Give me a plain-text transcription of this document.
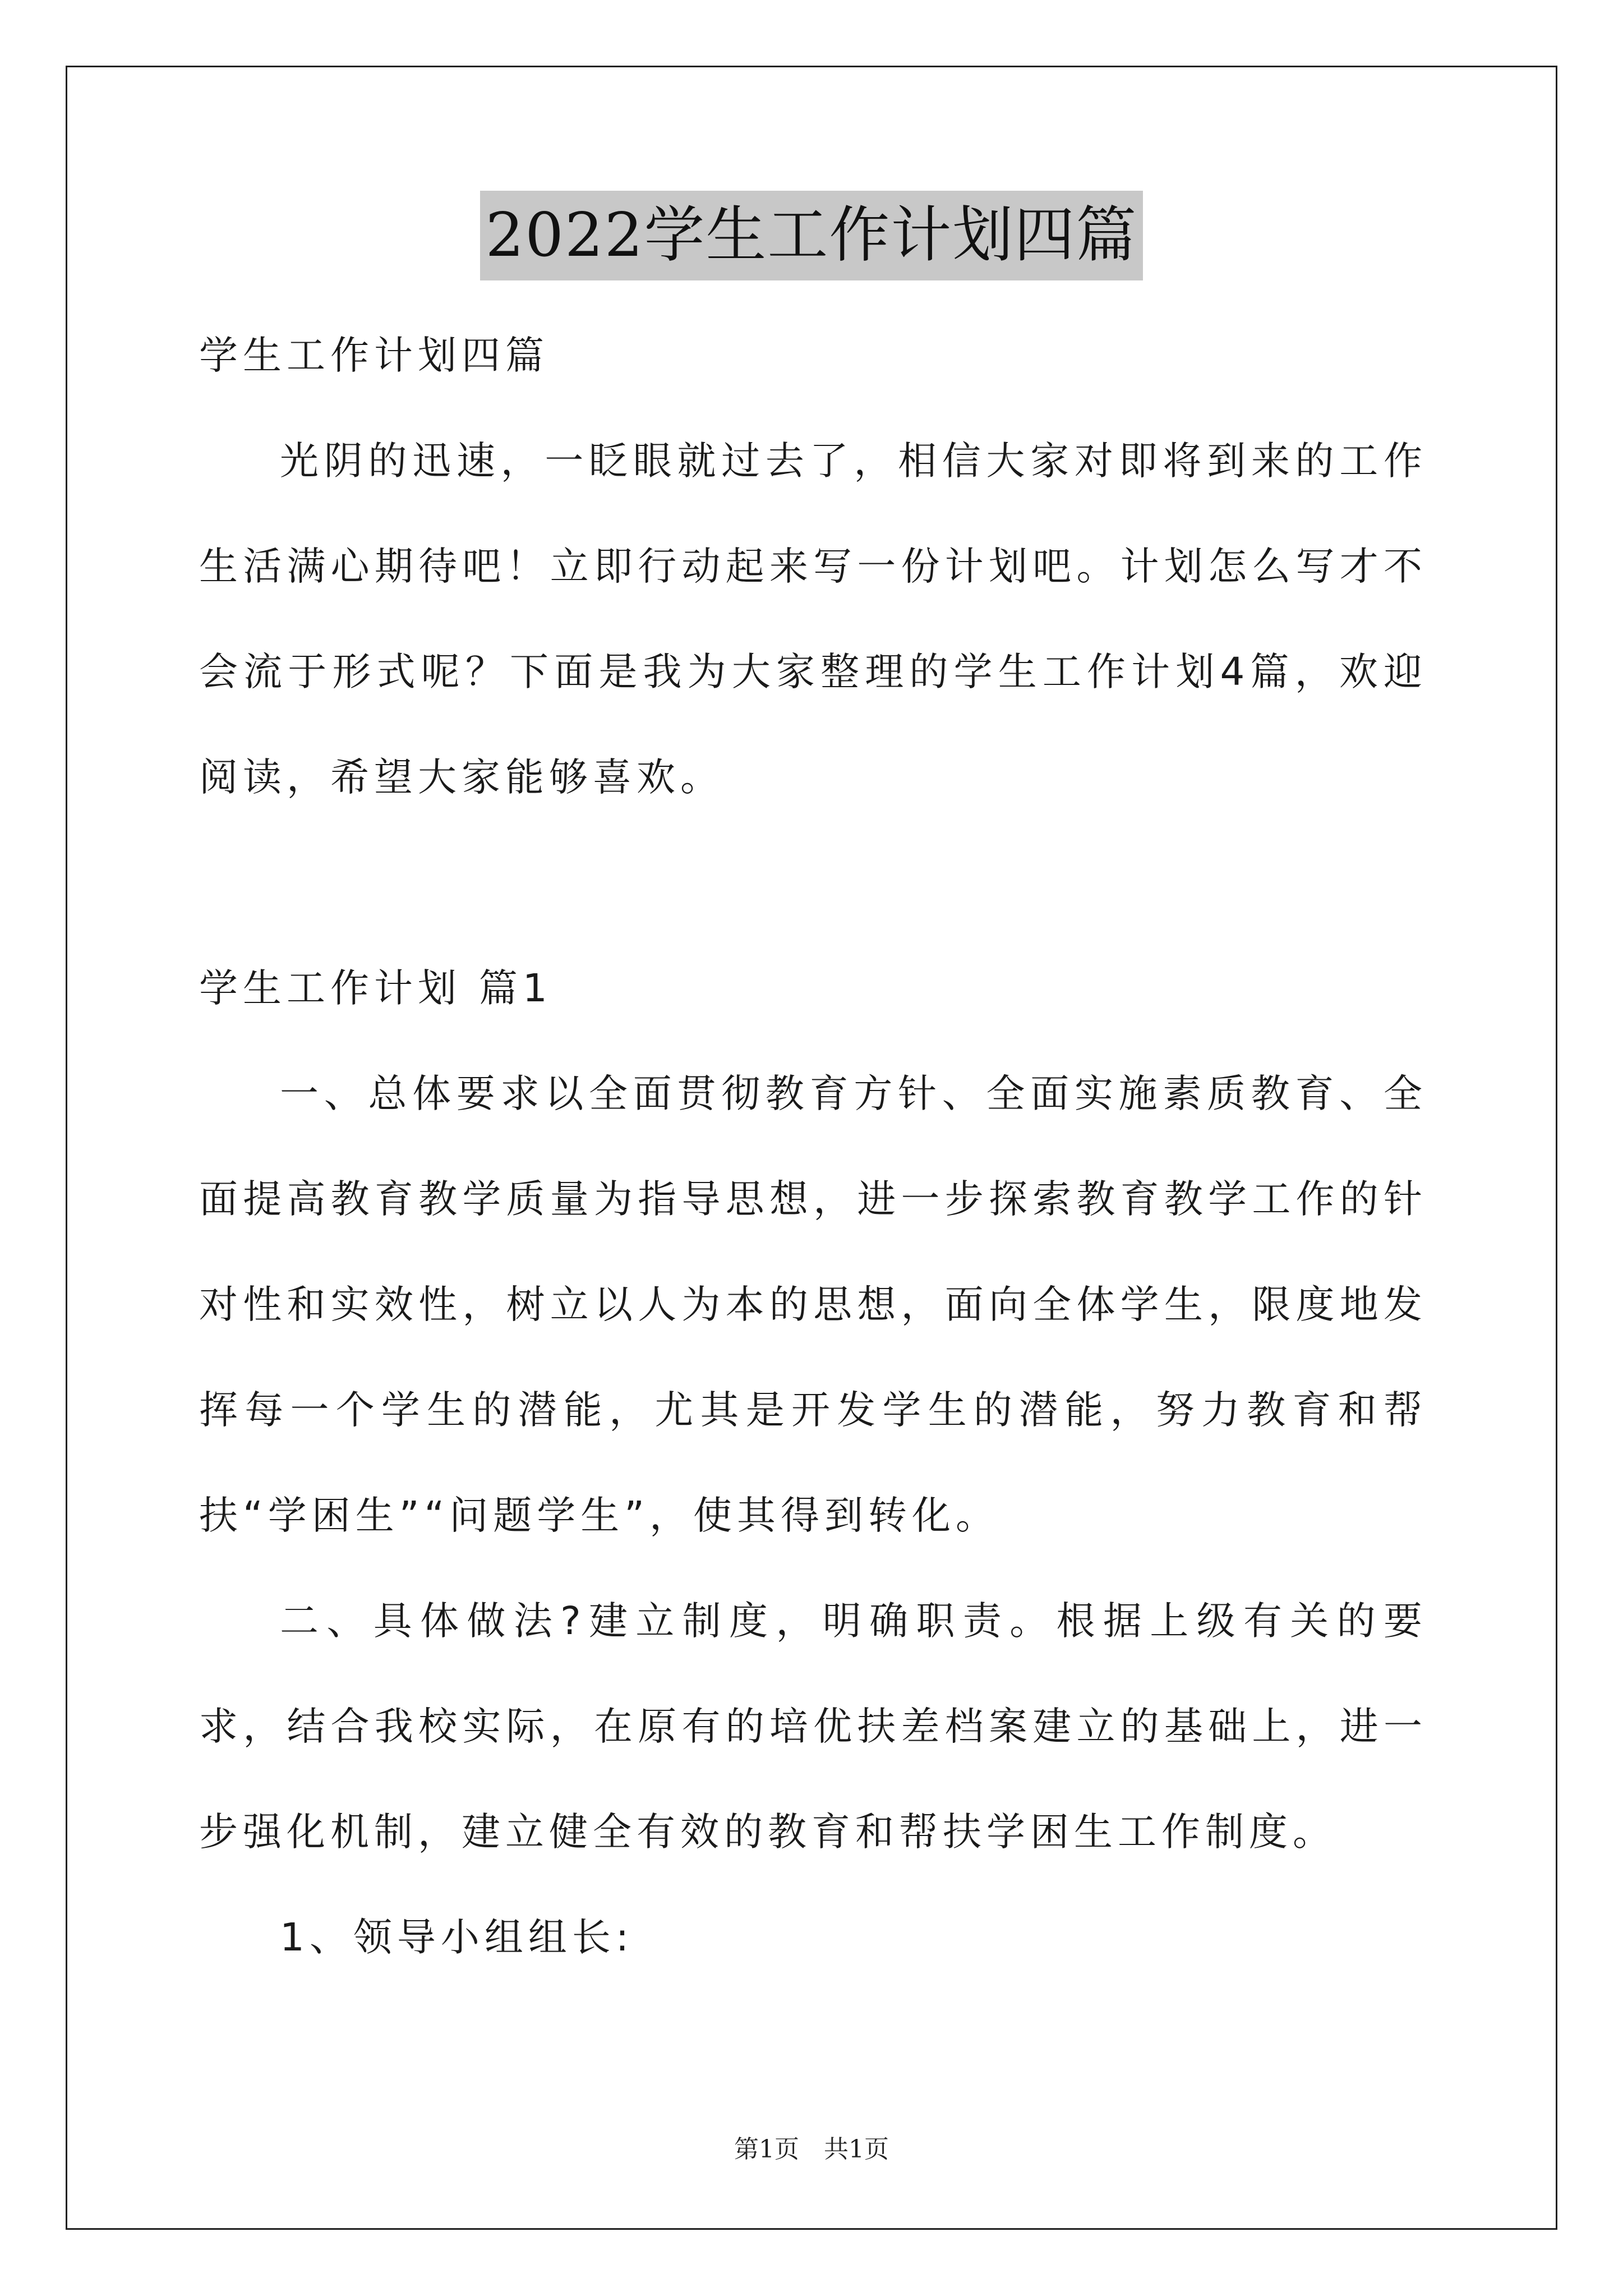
2022学生工作计划四篇

学生工作计划四篇

光阴的迅速，一眨眼就过去了，相信大家对即将到来的工作生活满心期待吧！立即行动起来写一份计划吧。计划怎么写才不会流于形式呢？下面是我为大家整理的学生工作计划4篇，欢迎阅读，希望大家能够喜欢。

学生工作计划 篇1

一、总体要求以全面贯彻教育方针、全面实施素质教育、全面提高教育教学质量为指导思想，进一步探索教育教学工作的针对性和实效性，树立以人为本的思想，面向全体学生，限度地发挥每一个学生的潜能，尤其是开发学生的潜能，努力教育和帮扶“学困生”“问题学生”，使其得到转化。

二、具体做法?建立制度，明确职责。根据上级有关的要求，结合我校实际，在原有的培优扶差档案建立的基础上，进一步强化机制，建立健全有效的教育和帮扶学困生工作制度。

1、领导小组组长:

第1页　共1页
